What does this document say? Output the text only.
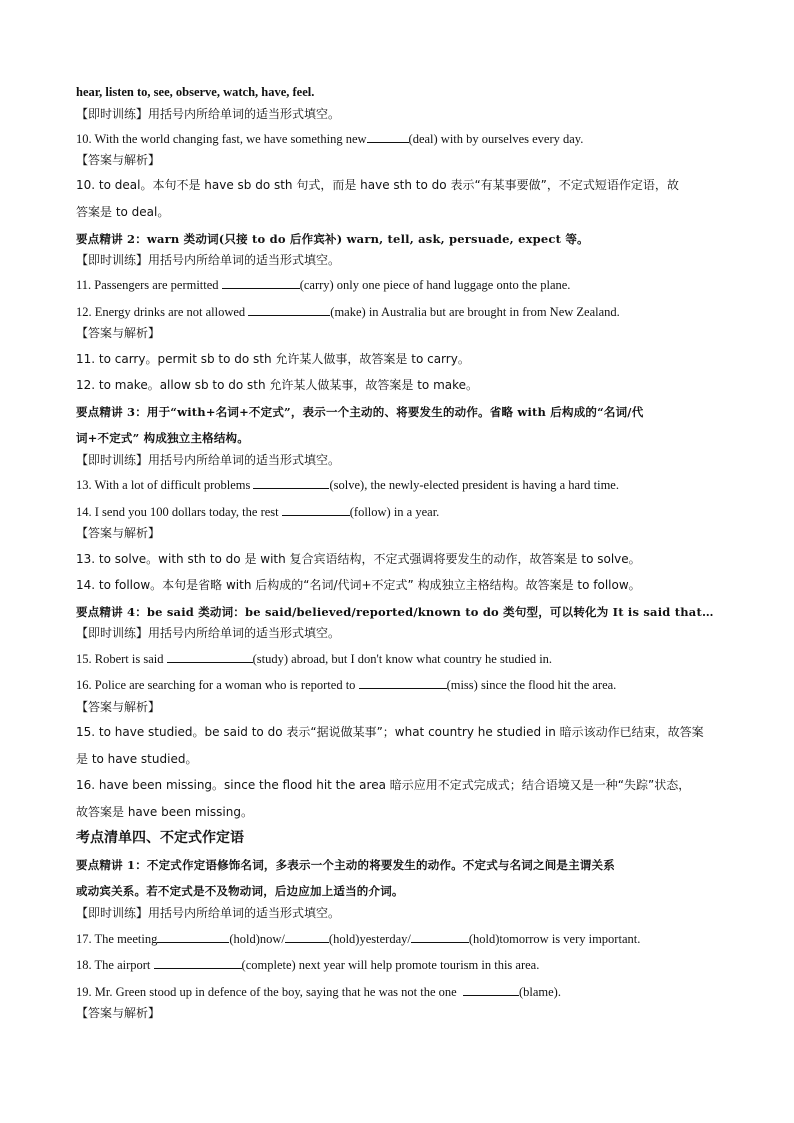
hear, listen to, see, observe, watch, have, feel.
【即时训练】用括号内所给单词的适当形式填空。
10. With the world changing fast, we have something new	(deal) with by ourselves every day.
【答案与解析】
10. to deal。本句不是 have sb do sth 句式，而是 have sth to do 表示“有某事要做”，不定式短语作定语，故
答案是 to deal。
要点精讲 2：warn 类动词(只接 to do 后作宾补) warn, tell, ask, persuade, expect 等。
【即时训练】用括号内所给单词的适当形式填空。
11. Passengers are permitted	(carry) only one piece of hand luggage onto the plane.
12. Energy drinks are not allowed	(make) in Australia but are brought in from New Zealand.
【答案与解析】
11. to carry。permit sb to do sth 允许某人做事，故答案是 to carry。
12. to make。allow sb to do sth 允许某人做某事，故答案是 to make。
要点精讲 3：用于“with+名词+不定式”，表示一个主动的、将要发生的动作。省略 with 后构成的“名词/代
词+不定式” 构成独立主格结构。
【即时训练】用括号内所给单词的适当形式填空。
13. With a lot of difficult problems	(solve), the newly-elected president is having a hard time.
14. I send you 100 dollars today, the rest	(follow) in a year.
【答案与解析】
13. to solve。with sth to do 是 with 复合宾语结构，不定式强调将要发生的动作，故答案是 to solve。
14. to follow。本句是省略 with 后构成的“名词/代词+不定式” 构成独立主格结构。故答案是 to follow。
要点精讲 4：be said 类动词：be said/believed/reported/known to do 类句型，可以转化为 It is said that…
【即时训练】用括号内所给单词的适当形式填空。
15. Robert is said	(study) abroad, but I don't know what country he studied in.
16. Police are searching for a woman who is reported to	(miss) since the flood hit the area.
【答案与解析】
15. to have studied。be said to do 表示“据说做某事”；what country he studied in 暗示该动作已结束，故答案
是 to have studied。
16. have been missing。since the flood hit the area 暗示应用不定式完成式；结合语境又是一种“失踪”状态，
故答案是 have been missing。
考点清单四、不定式作定语
要点精讲 1：不定式作定语修饰名词，多表示一个主动的将要发生的动作。不定式与名词之间是主谓关系
或动宾关系。若不定式是不及物动词，后边应加上适当的介词。
【即时训练】用括号内所给单词的适当形式填空。
17. The meeting	(hold)now/	(hold)yesterday/	(hold)tomorrow is very important.
18. The airport	(complete) next year will help promote tourism in this area.
19. Mr. Green stood up in defence of the boy, saying that he was not the one	(blame).
【答案与解析】
